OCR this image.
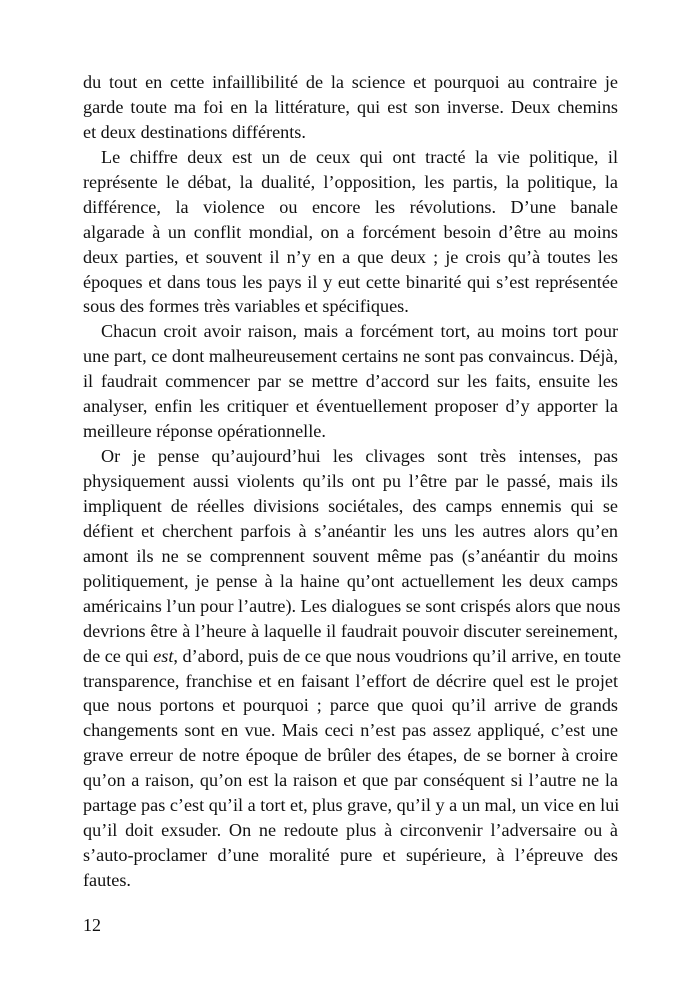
du tout en cette infaillibilité de la science et pourquoi au contraire je
garde toute ma foi en la littérature, qui est son inverse. Deux chemins
et deux destinations différents.
Le chiffre deux est un de ceux qui ont tracté la vie politique, il
représente le débat, la dualité, l’opposition, les partis, la politique, la
différence, la violence ou encore les révolutions. D’une banale
algarade à un conflit mondial, on a forcément besoin d’être au moins
deux parties, et souvent il n’y en a que deux ; je crois qu’à toutes les
époques et dans tous les pays il y eut cette binarité qui s’est représentée
sous des formes très variables et spécifiques.
Chacun croit avoir raison, mais a forcément tort, au moins tort pour
une part, ce dont malheureusement certains ne sont pas convaincus. Déjà,
il faudrait commencer par se mettre d’accord sur les faits, ensuite les
analyser, enfin les critiquer et éventuellement proposer d’y apporter la
meilleure réponse opérationnelle.
Or je pense qu’aujourd’hui les clivages sont très intenses, pas
physiquement aussi violents qu’ils ont pu l’être par le passé, mais ils
impliquent de réelles divisions sociétales, des camps ennemis qui se
défient et cherchent parfois à s’anéantir les uns les autres alors qu’en
amont ils ne se comprennent souvent même pas (s’anéantir du moins
politiquement, je pense à la haine qu’ont actuellement les deux camps
américains l’un pour l’autre). Les dialogues se sont crispés alors que nous
devrions être à l’heure à laquelle il faudrait pouvoir discuter sereinement,
de ce qui est, d’abord, puis de ce que nous voudrions qu’il arrive, en toute
transparence, franchise et en faisant l’effort de décrire quel est le projet
que nous portons et pourquoi ; parce que quoi qu’il arrive de grands
changements sont en vue. Mais ceci n’est pas assez appliqué, c’est une
grave erreur de notre époque de brûler des étapes, de se borner à croire
qu’on a raison, qu’on est la raison et que par conséquent si l’autre ne la
partage pas c’est qu’il a tort et, plus grave, qu’il y a un mal, un vice en lui
qu’il doit exsuder. On ne redoute plus à circonvenir l’adversaire ou à
s’auto-proclamer d’une moralité pure et supérieure, à l’épreuve des
fautes.
12
